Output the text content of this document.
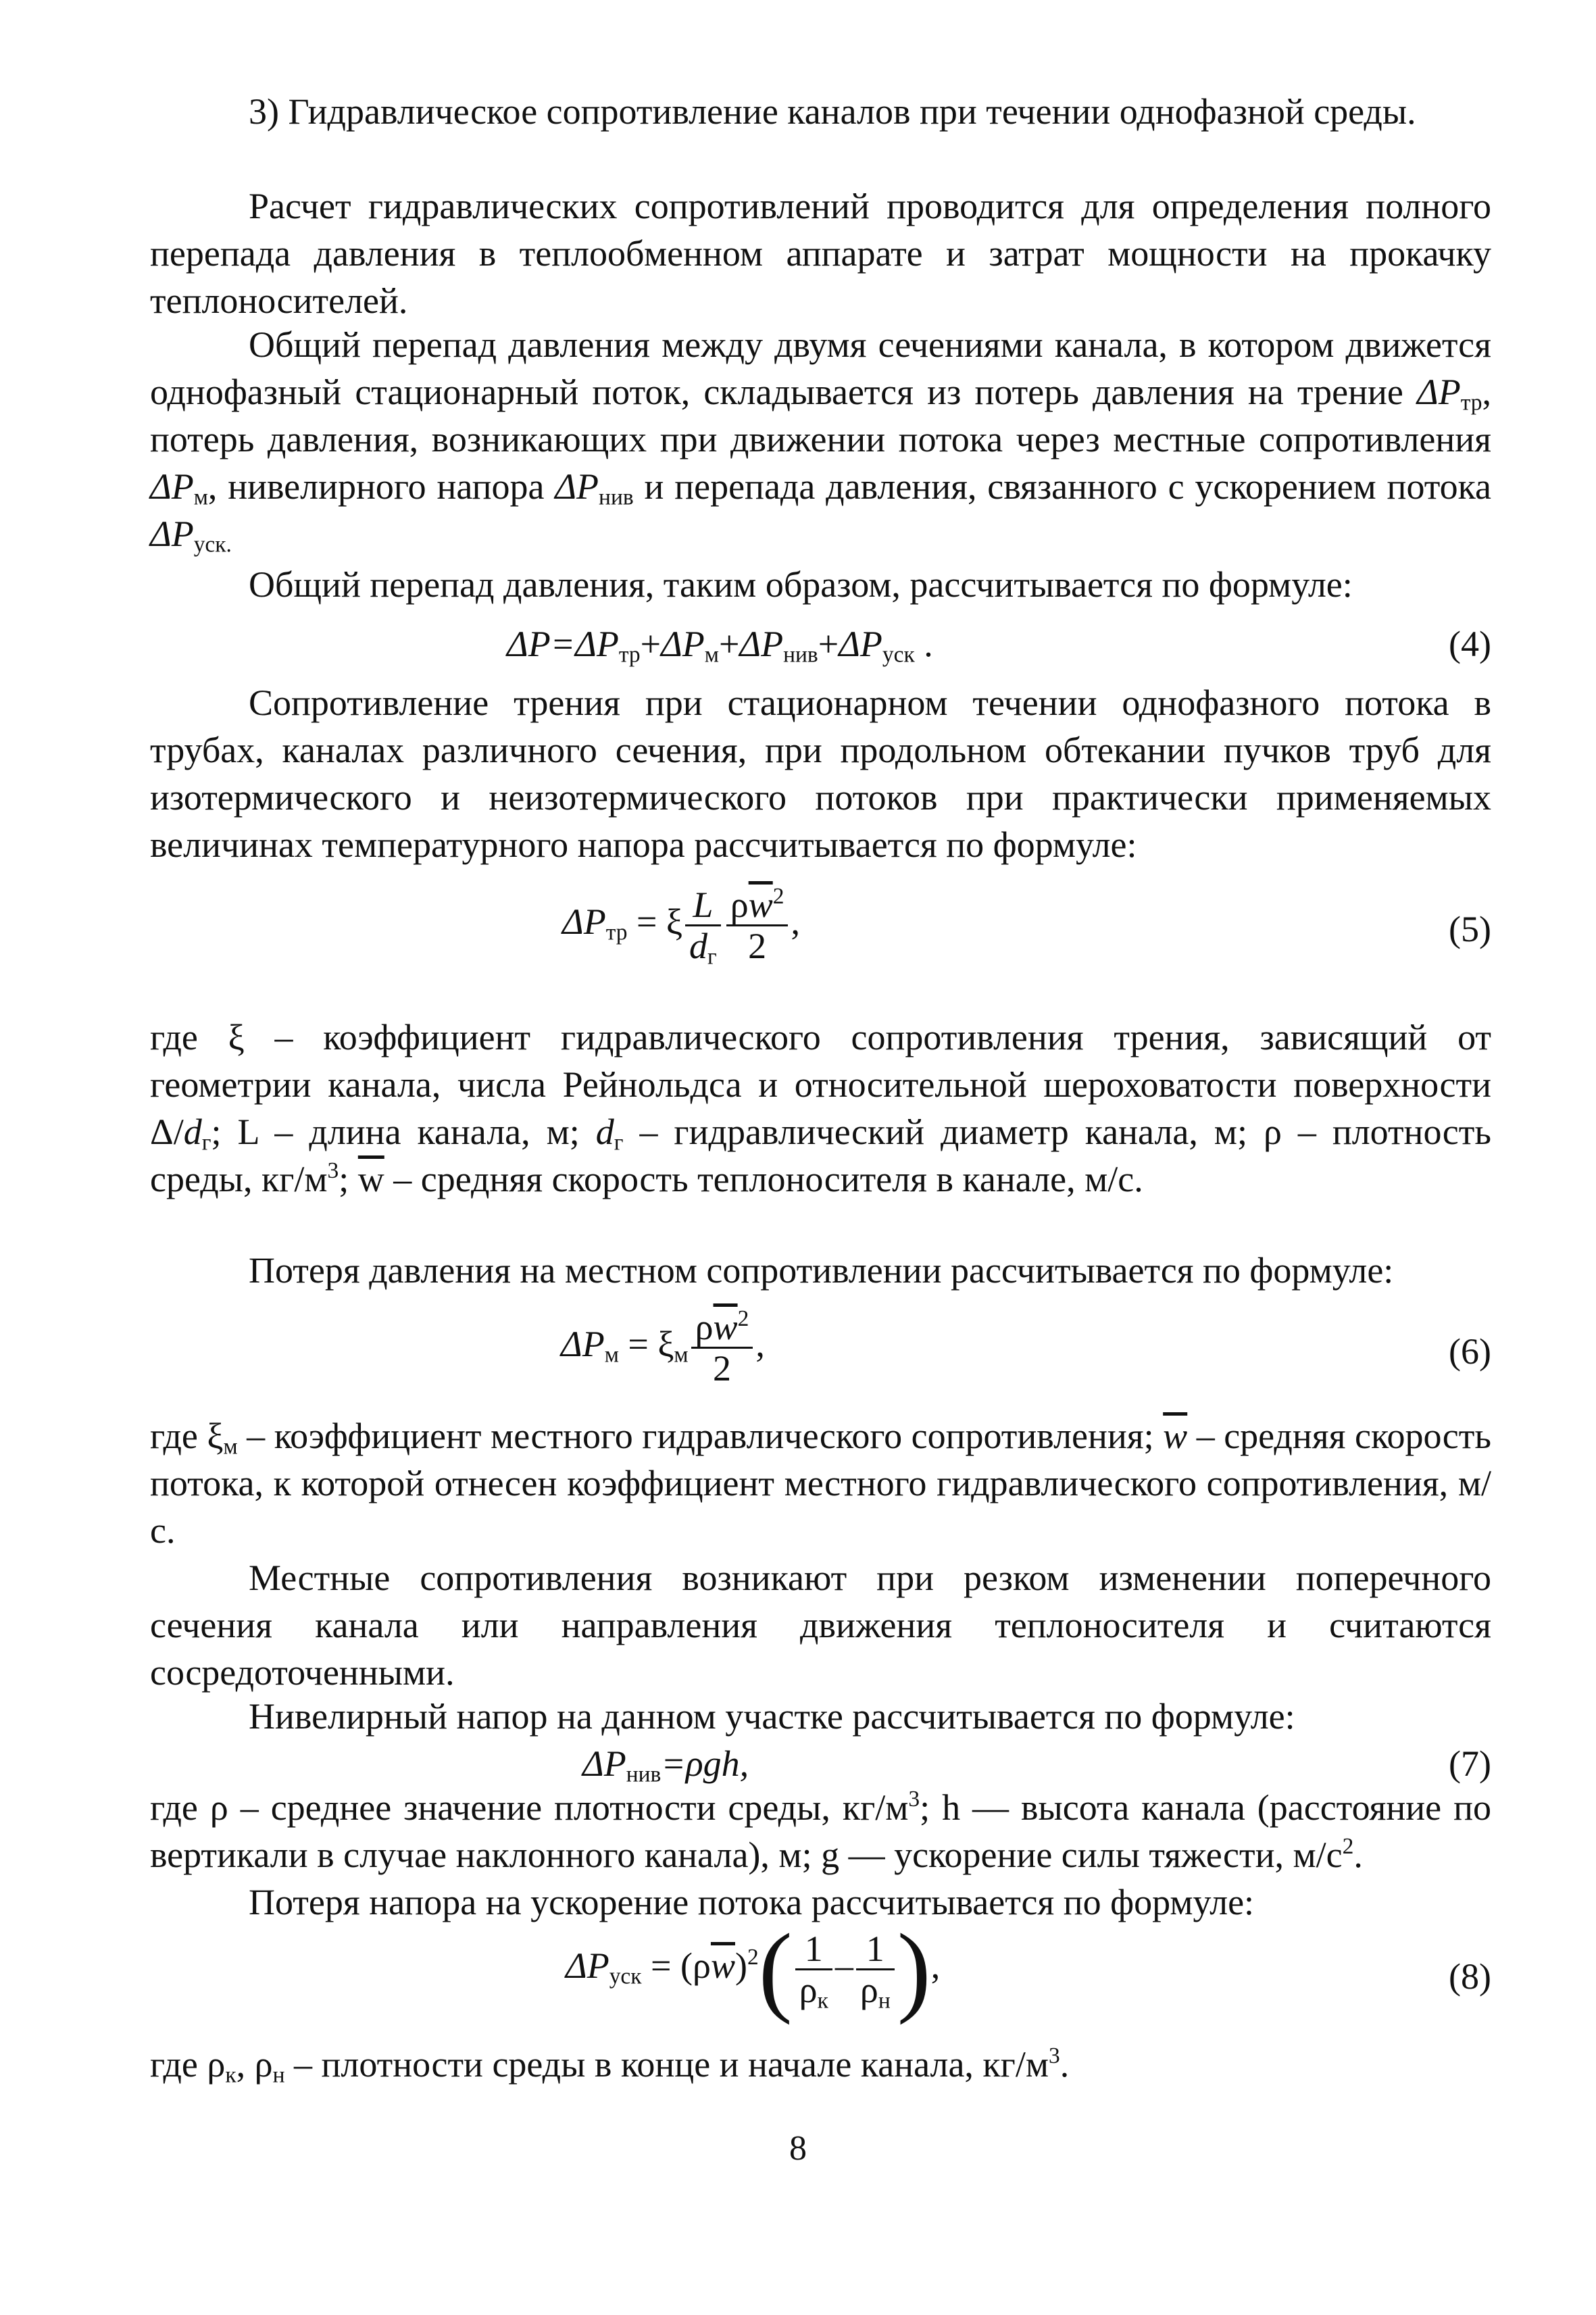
3) Гидравлическое сопротивление каналов при течении однофазной среды.

Расчет гидравлических сопротивлений проводится для определения полного перепада давления в теплообменном аппарате и затрат мощности на прокачку теплоносителей.

Общий перепад давления между двумя сечениями канала, в котором движется однофазный стационарный поток, складывается из потерь давления на трение $\Delta P_{тр}$, потерь давления, возникающих при движении потока через местные сопротивления $\Delta P_м$, нивелирного напора $\Delta P_{нив}$ и перепада давления, связанного с ускорением потока $\Delta P_{уск.}$

Общий перепад давления, таким образом, рассчитывается по формуле:

$\Delta P=\Delta P_{тр}+\Delta P_м+\Delta P_{нив}+\Delta P_{уск}$ .	(4)

Сопротивление трения при стационарном течении однофазного потока в трубах, каналах различного сечения, при продольном обтекании пучков труб для изотермического и неизотермического потоков при практически применяемых величинах температурного напора рассчитывается по формуле:

$\Delta P_{тр} = \xi \frac{L}{d_г} \frac{\rho\overline{w}^2}{2}$ ,	(5)

где ξ – коэффициент гидравлического сопротивления трения, зависящий от геометрии канала, числа Рейнольдса и относительной шероховатости поверхности $\Delta/d_г$; L – длина канала, м; $d_г$ – гидравлический диаметр канала, м; ρ – плотность среды, $кг/м^3$; $\overline{w}$ – средняя скорость теплоносителя в канале, м/с.

Потеря давления на местном сопротивлении рассчитывается по формуле:

$\Delta P_м = \xi_м \frac{\rho\overline{w}^2}{2}$ ,	(6)

где $\xi_м$ – коэффициент местного гидравлического сопротивления; $\overline{w}$ – средняя скорость потока, к которой отнесен коэффициент местного гидравлического сопротивления, м/с.

Местные сопротивления возникают при резком изменении поперечного сечения канала или направления движения теплоносителя и считаются сосредоточенными.

Нивелирный напор на данном участке рассчитывается по формуле:

$\Delta P_{нив}=\rho gh$,	(7)

где ρ – среднее значение плотности среды, $кг/м^3$; h — высота канала (расстояние по вертикали в случае наклонного канала), м; g — ускорение силы тяжести, $м/с^2$.

Потеря напора на ускорение потока рассчитывается по формуле:

$\Delta P_{уск} = (\rho\overline{w})^2( \frac{1}{\rho_к} - \frac{1}{\rho_н}$ ),	(8)

где $\rho_к$, $\rho_н$ – плотности среды в конце и начале канала, $кг/м^3$.

8
